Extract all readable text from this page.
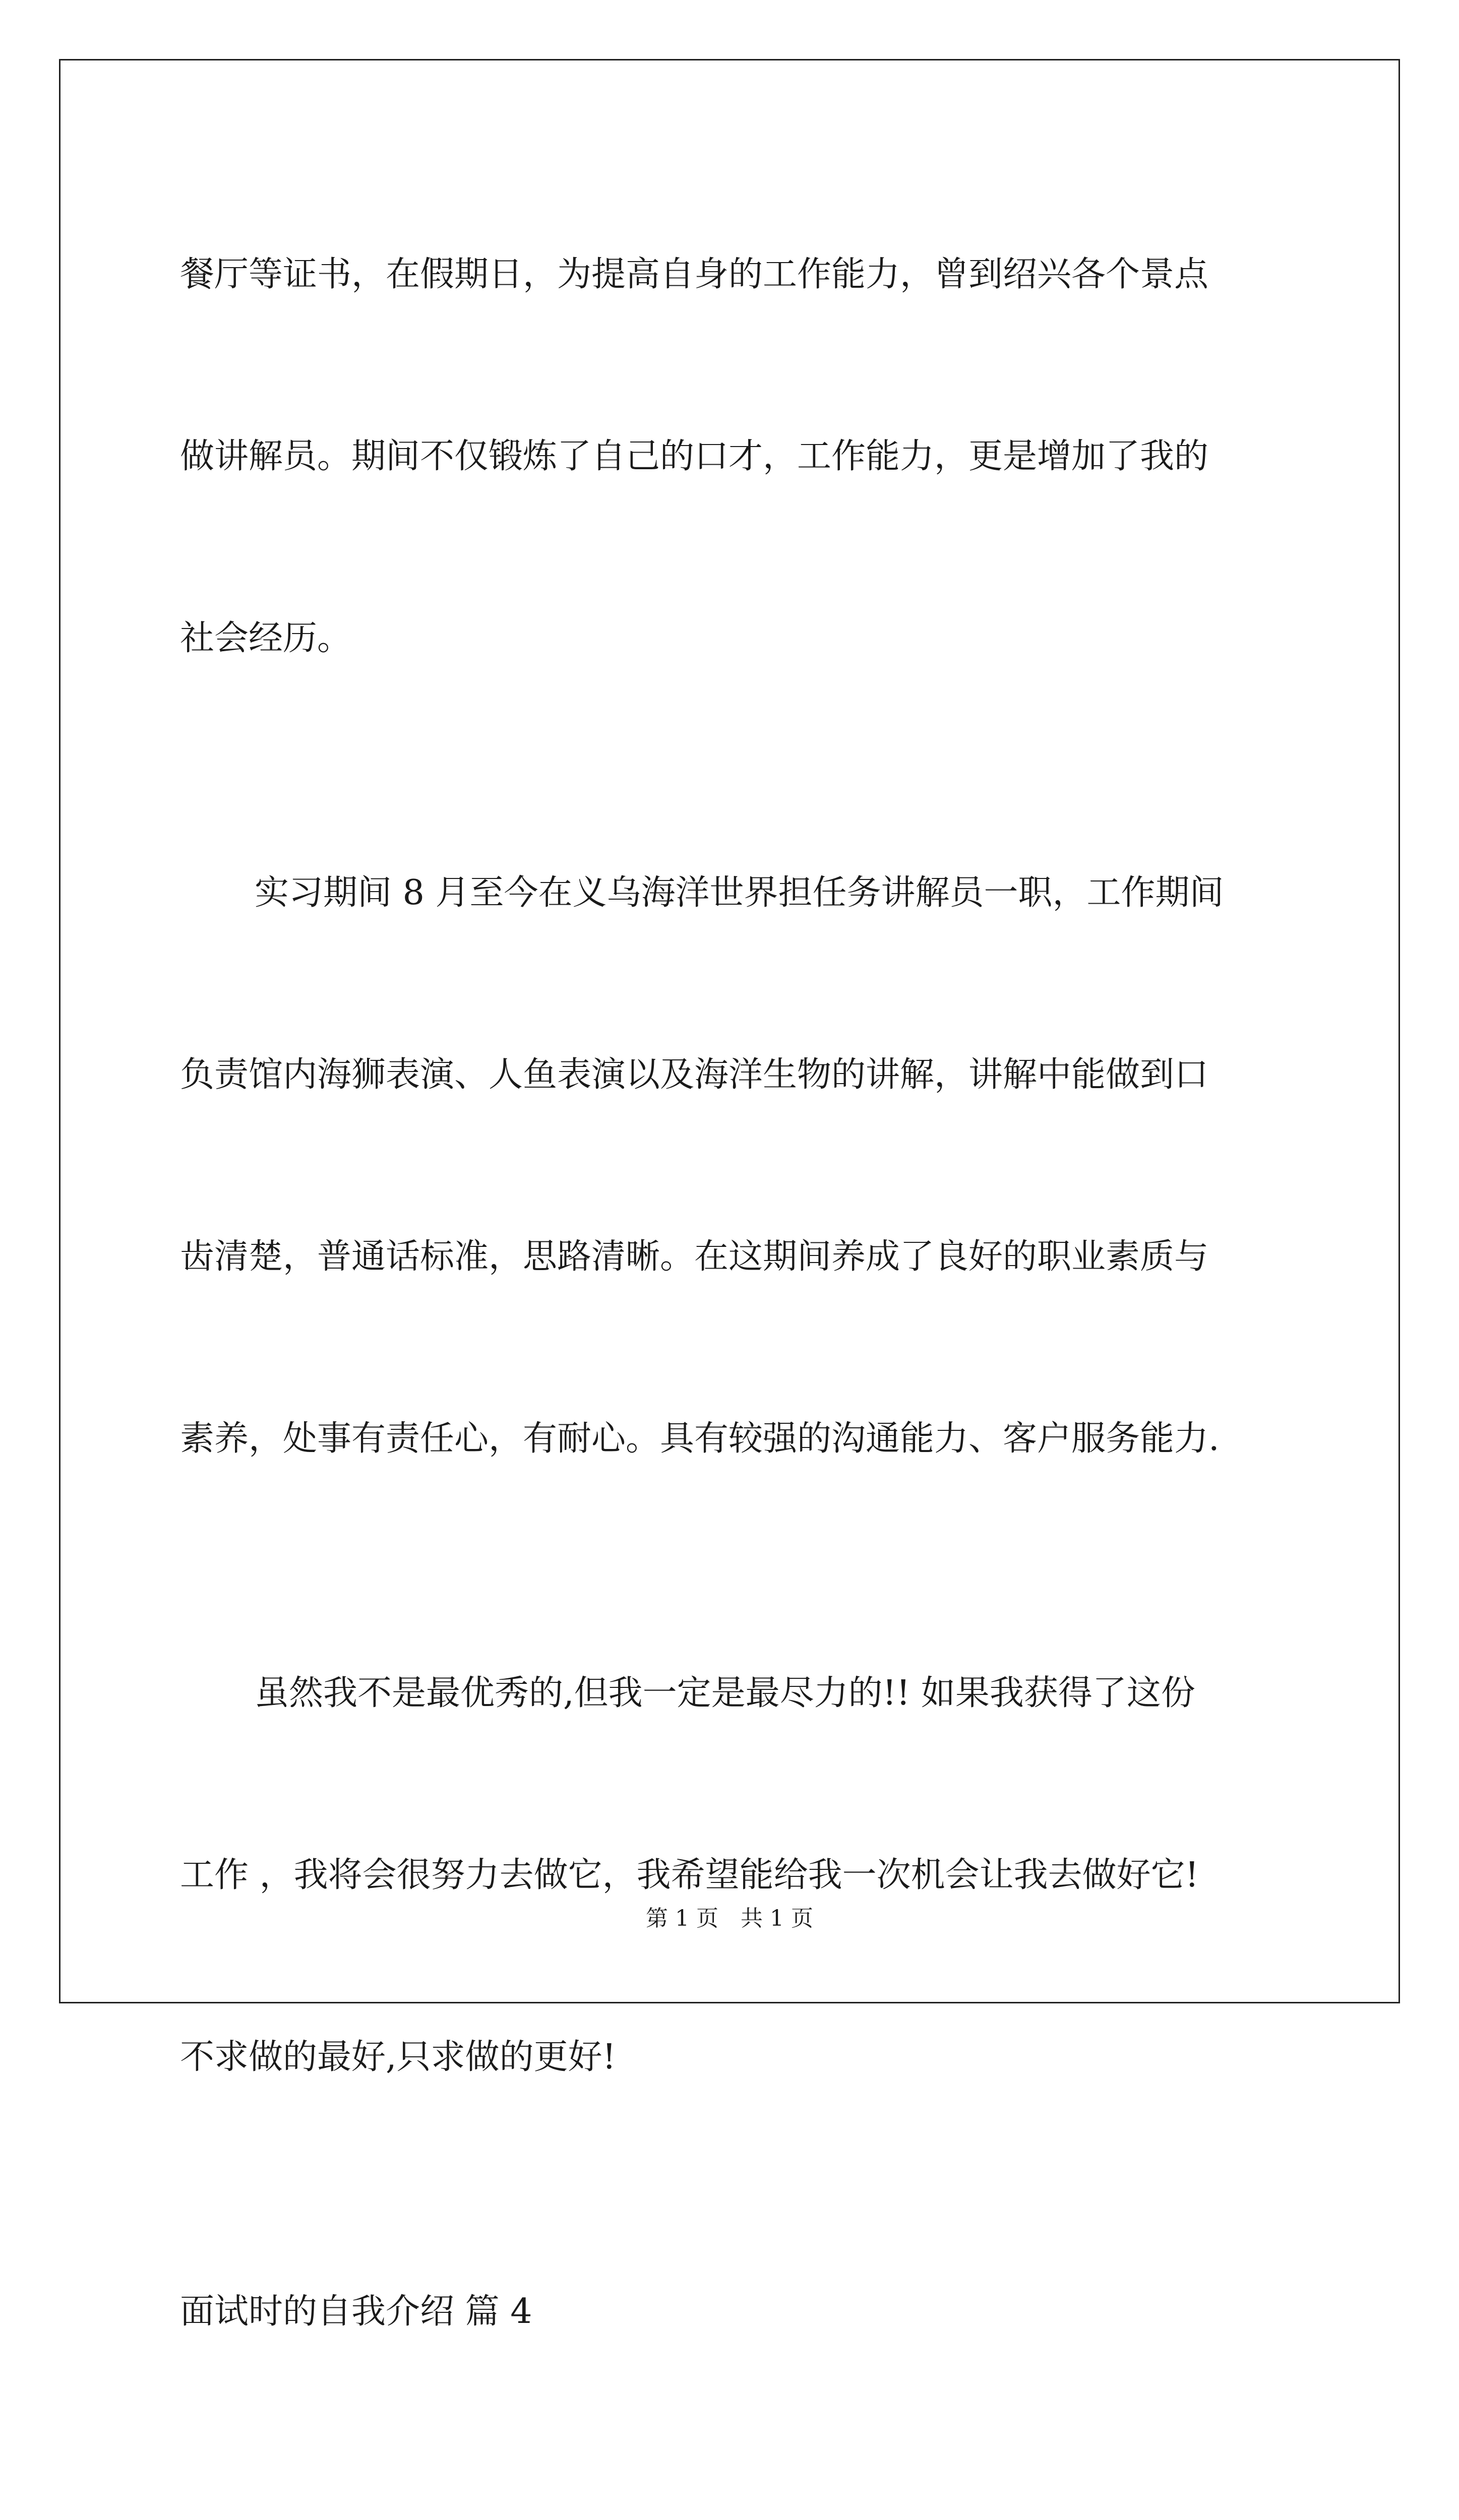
餐厅等证书，在假期日，为提高自身的工作能力，曾到绍兴各个景点

做讲解员。期间不仅锻炼了自己的口才，工作能力，更是增加了我的

社会经历。

实习期间 8 月至今在义乌海洋世界担任务讲解员一职，工作期间

负责馆内海狮表演、人鱼表演以及海洋生物的讲解，讲解中能做到口

齿清楚，普通话标准，思路清晰。在这期间养成了良好的职业素质与

素养，处事有责任心，有耐心。具有较强的沟通能力、客户服务能力.

虽然我不是最优秀的,但我一定是最尽力的!! 如果我获得了这份

工作 ，我将会很努力去做它，我希望能给我一次机会让我去做好它!

不求做的最好,只求做的更好!

面试时的自我介绍 篇 4

第 1 页　共 1 页
